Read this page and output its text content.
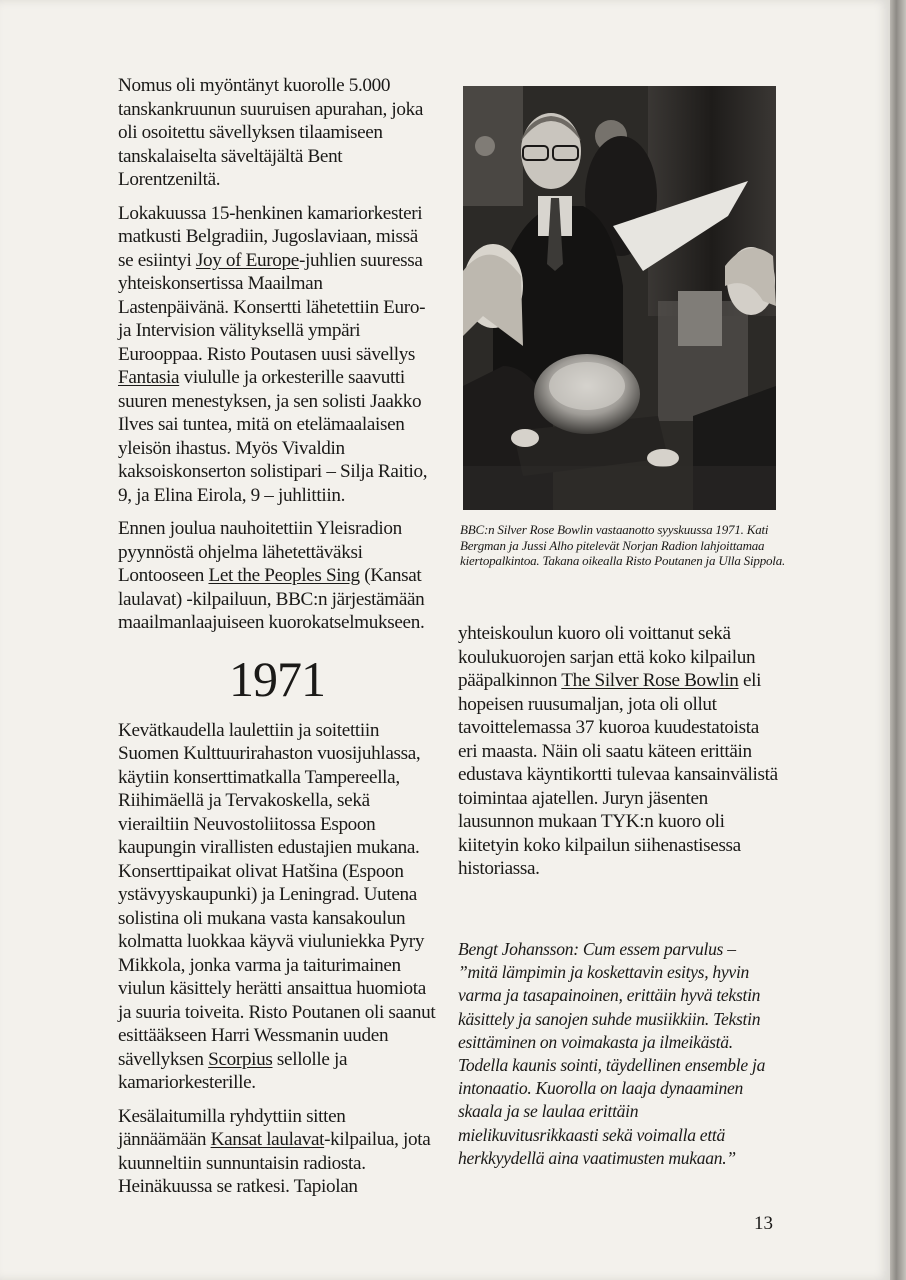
Nomus oli myöntänyt kuorolle 5.000 tanskankruunun suuruisen apurahan, joka oli osoitettu sävellyksen tilaamiseen tanskalaiselta säveltäjältä Bent Lorentzeniltä.

Lokakuussa 15-henkinen kamariorkesteri matkusti Belgradiin, Jugoslaviaan, missä se esiintyi Joy of Europe-juhlien suuressa yhteiskonsertissa Maailman Lastenpäivänä. Konsertti lähetettiin Euro- ja Intervision välityksellä ympäri Eurooppaa. Risto Poutasen uusi sävellys Fantasia viululle ja orkesterille saavutti suuren menestyksen, ja sen solisti Jaakko Ilves sai tuntea, mitä on etelämaalaisen yleisön ihastus. Myös Vivaldin kaksoiskonserton solistipari – Silja Raitio, 9, ja Elina Eirola, 9 – juhlittiin.

Ennen joulua nauhoitettiin Yleisradion pyynnöstä ohjelma lähetettäväksi Lontooseen Let the Peoples Sing (Kansat laulavat) -kilpailuun, BBC:n järjestämään maailmanlaajuiseen kuorokatselmukseen.

1971

Kevätkaudella laulettiin ja soitettiin Suomen Kulttuurirahaston vuosijuhlassa, käytiin konserttimatkalla Tampereella, Riihimäellä ja Tervakoskella, sekä vierailtiin Neuvostoliitossa Espoon kaupungin virallisten edustajien mukana. Konserttipaikat olivat Hatšina (Espoon ystävyyskaupunki) ja Leningrad. Uutena solistina oli mukana vasta kansakoulun kolmatta luokkaa käyvä viuluniekka Pyry Mikkola, jonka varma ja taiturimainen viulun käsittely herätti ansaittua huomiota ja suuria toiveita. Risto Poutanen oli saanut esittääkseen Harri Wessmanin uuden sävellyksen Scorpius sellolle ja kamariorkesterille.

Kesälaitumilla ryhdyttiin sitten jännäämään Kansat laulavat-kilpailua, jota kuunneltiin sunnuntaisin radiosta. Heinäkuussa se ratkesi. Tapiolan

BBC:n Silver Rose Bowlin vastaanotto syyskuussa 1971. Kati Bergman ja Jussi Alho pitelevät Norjan Radion lahjoittamaa kiertopalkintoa. Takana oikealla Risto Poutanen ja Ulla Sippola.

yhteiskoulun kuoro oli voittanut sekä koulukuorojen sarjan että koko kilpailun pääpalkinnon The Silver Rose Bowlin eli hopeisen ruusumaljan, jota oli ollut tavoittelemassa 37 kuoroa kuudestatoista eri maasta. Näin oli saatu käteen erittäin edustava käyntikortti tulevaa kansainvälistä toimintaa ajatellen. Juryn jäsenten lausunnon mukaan TYK:n kuoro oli kiitetyin koko kilpailun siihenastisessa historiassa.

Bengt Johansson: Cum essem parvulus – ”mitä lämpimin ja koskettavin esitys, hyvin varma ja tasapainoinen, erittäin hyvä tekstin käsittely ja sanojen suhde musiikkiin. Tekstin esittäminen on voimakasta ja ilmeikästä. Todella kaunis sointi, täydellinen ensemble ja intonaatio. Kuorolla on laaja dynaaminen skaala ja se laulaa erittäin mielikuvitusrikkaasti sekä voimalla että herkkyydellä aina vaatimusten mukaan.”

13
